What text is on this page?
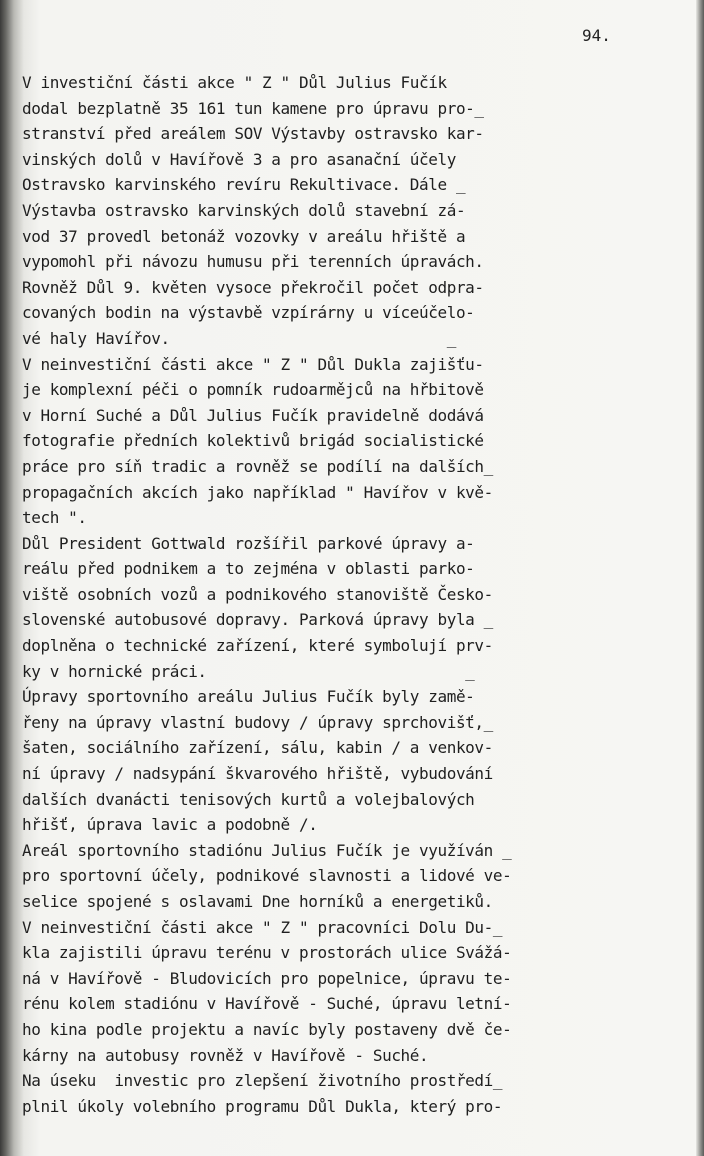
94.
V investiční části akce " Z " Důl Julius Fučík
dodal bezplatně 35 161 tun kamene pro úpravu pro-_
stranství před areálem SOV Výstavby ostravsko kar-
vinských dolů v Havířově 3 a pro asanační účely
Ostravsko karvinského revíru Rekultivace. Dále _
Výstavba ostravsko karvinských dolů stavební zá-
vod 37 provedl betonáž vozovky v areálu hřiště a
vypomohl při návozu humusu při terenních úpravách.
Rovněž Důl 9. květen vysoce překročil počet odpra-
covaných bodin na výstavbě vzpírárny u víceúčelo-
vé haly Havířov.                              _
V neinvestiční části akce " Z " Důl Dukla zajišťu-
je komplexní péči o pomník rudoarmějců na hřbitově
v Horní Suché a Důl Julius Fučík pravidelně dodává
fotografie předních kolektivů brigád socialistické
práce pro síň tradic a rovněž se podílí na dalších_
propagačních akcích jako například " Havířov v kvě-
tech ".
Důl President Gottwald rozšířil parkové úpravy a-
reálu před podnikem a to zejména v oblasti parko-
viště osobních vozů a podnikového stanoviště Česko-
slovenské autobusové dopravy. Parková úpravy byla _
doplněna o technické zařízení, které symbolují prv-
ky v hornické práci.                            _
Úpravy sportovního areálu Julius Fučík byly zamě-
řeny na úpravy vlastní budovy / úpravy sprchovišť,_
šaten, sociálního zařízení, sálu, kabin / a venkov-
ní úpravy / nadsypání škvarového hřiště, vybudování
dalších dvanácti tenisových kurtů a volejbalových
hřišť, úprava lavic a podobně /.
Areál sportovního stadiónu Julius Fučík je využíván _
pro sportovní účely, podnikové slavnosti a lidové ve-
selice spojené s oslavami Dne horníků a energetiků.
V neinvestiční části akce " Z " pracovníci Dolu Du-_
kla zajistili úpravu terénu v prostorách ulice Svážá-
ná v Havířově - Bludovicích pro popelnice, úpravu te-
rénu kolem stadiónu v Havířově - Suché, úpravu letní-
ho kina podle projektu a navíc byly postaveny dvě če-
kárny na autobusy rovněž v Havířově - Suché.
Na úseku  investic pro zlepšení životního prostředí_
plnil úkoly volebního programu Důl Dukla, který pro-
